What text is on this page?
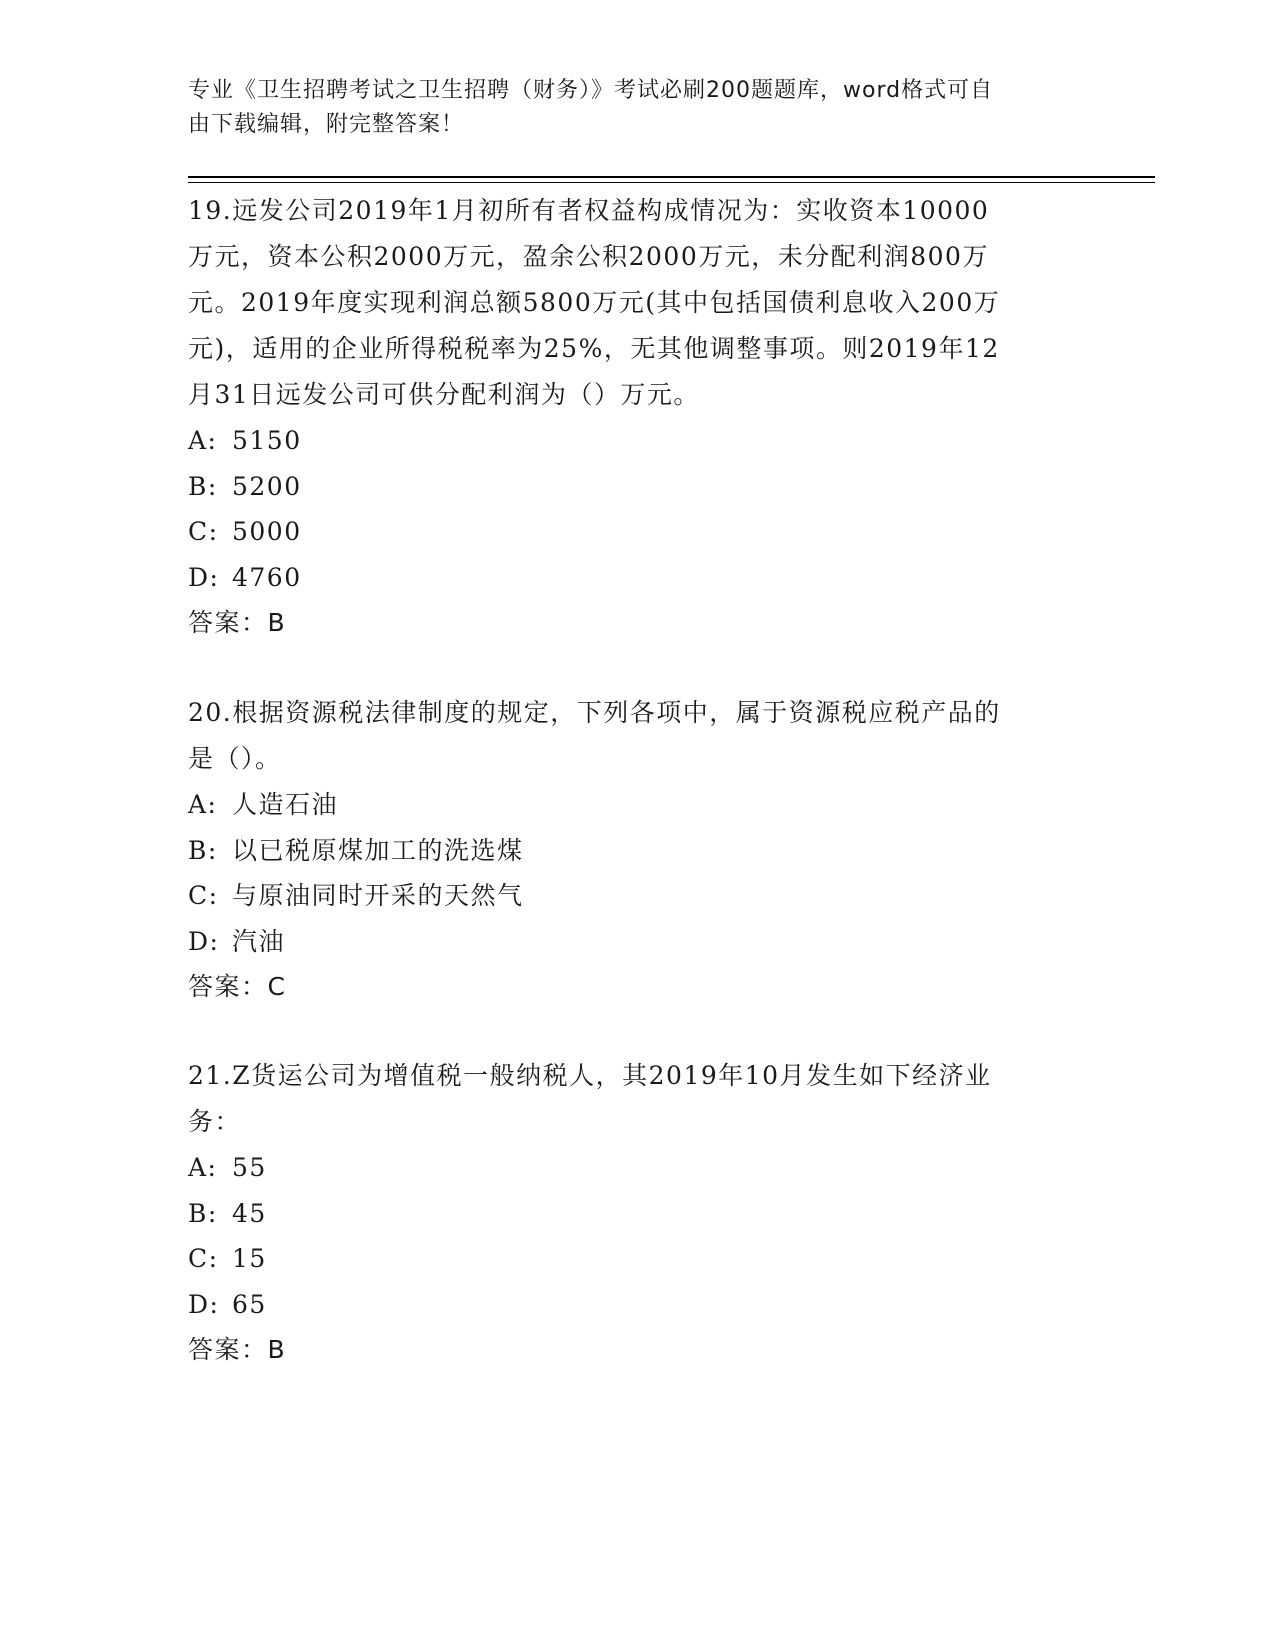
专业《卫生招聘考试之卫生招聘（财务）》考试必刷200题题库，word格式可自
由下载编辑，附完整答案！
19.远发公司2019年1月初所有者权益构成情况为：实收资本10000
万元，资本公积2000万元，盈余公积2000万元，未分配利润800万
元。2019年度实现利润总额5800万元(其中包括国债利息收入200万
元)，适用的企业所得税税率为25%，无其他调整事项。则2019年12
月31日远发公司可供分配利润为（）万元。
A: 5150
B: 5200
C: 5000
D: 4760
答案：B
20.根据资源税法律制度的规定，下列各项中，属于资源税应税产品的
是（）。
A: 人造石油
B: 以已税原煤加工的洗选煤
C: 与原油同时开采的天然气
D: 汽油
答案：C
21.Z货运公司为增值税一般纳税人，其2019年10月发生如下经济业
务：
A: 55
B: 45
C: 15
D: 65
答案：B
